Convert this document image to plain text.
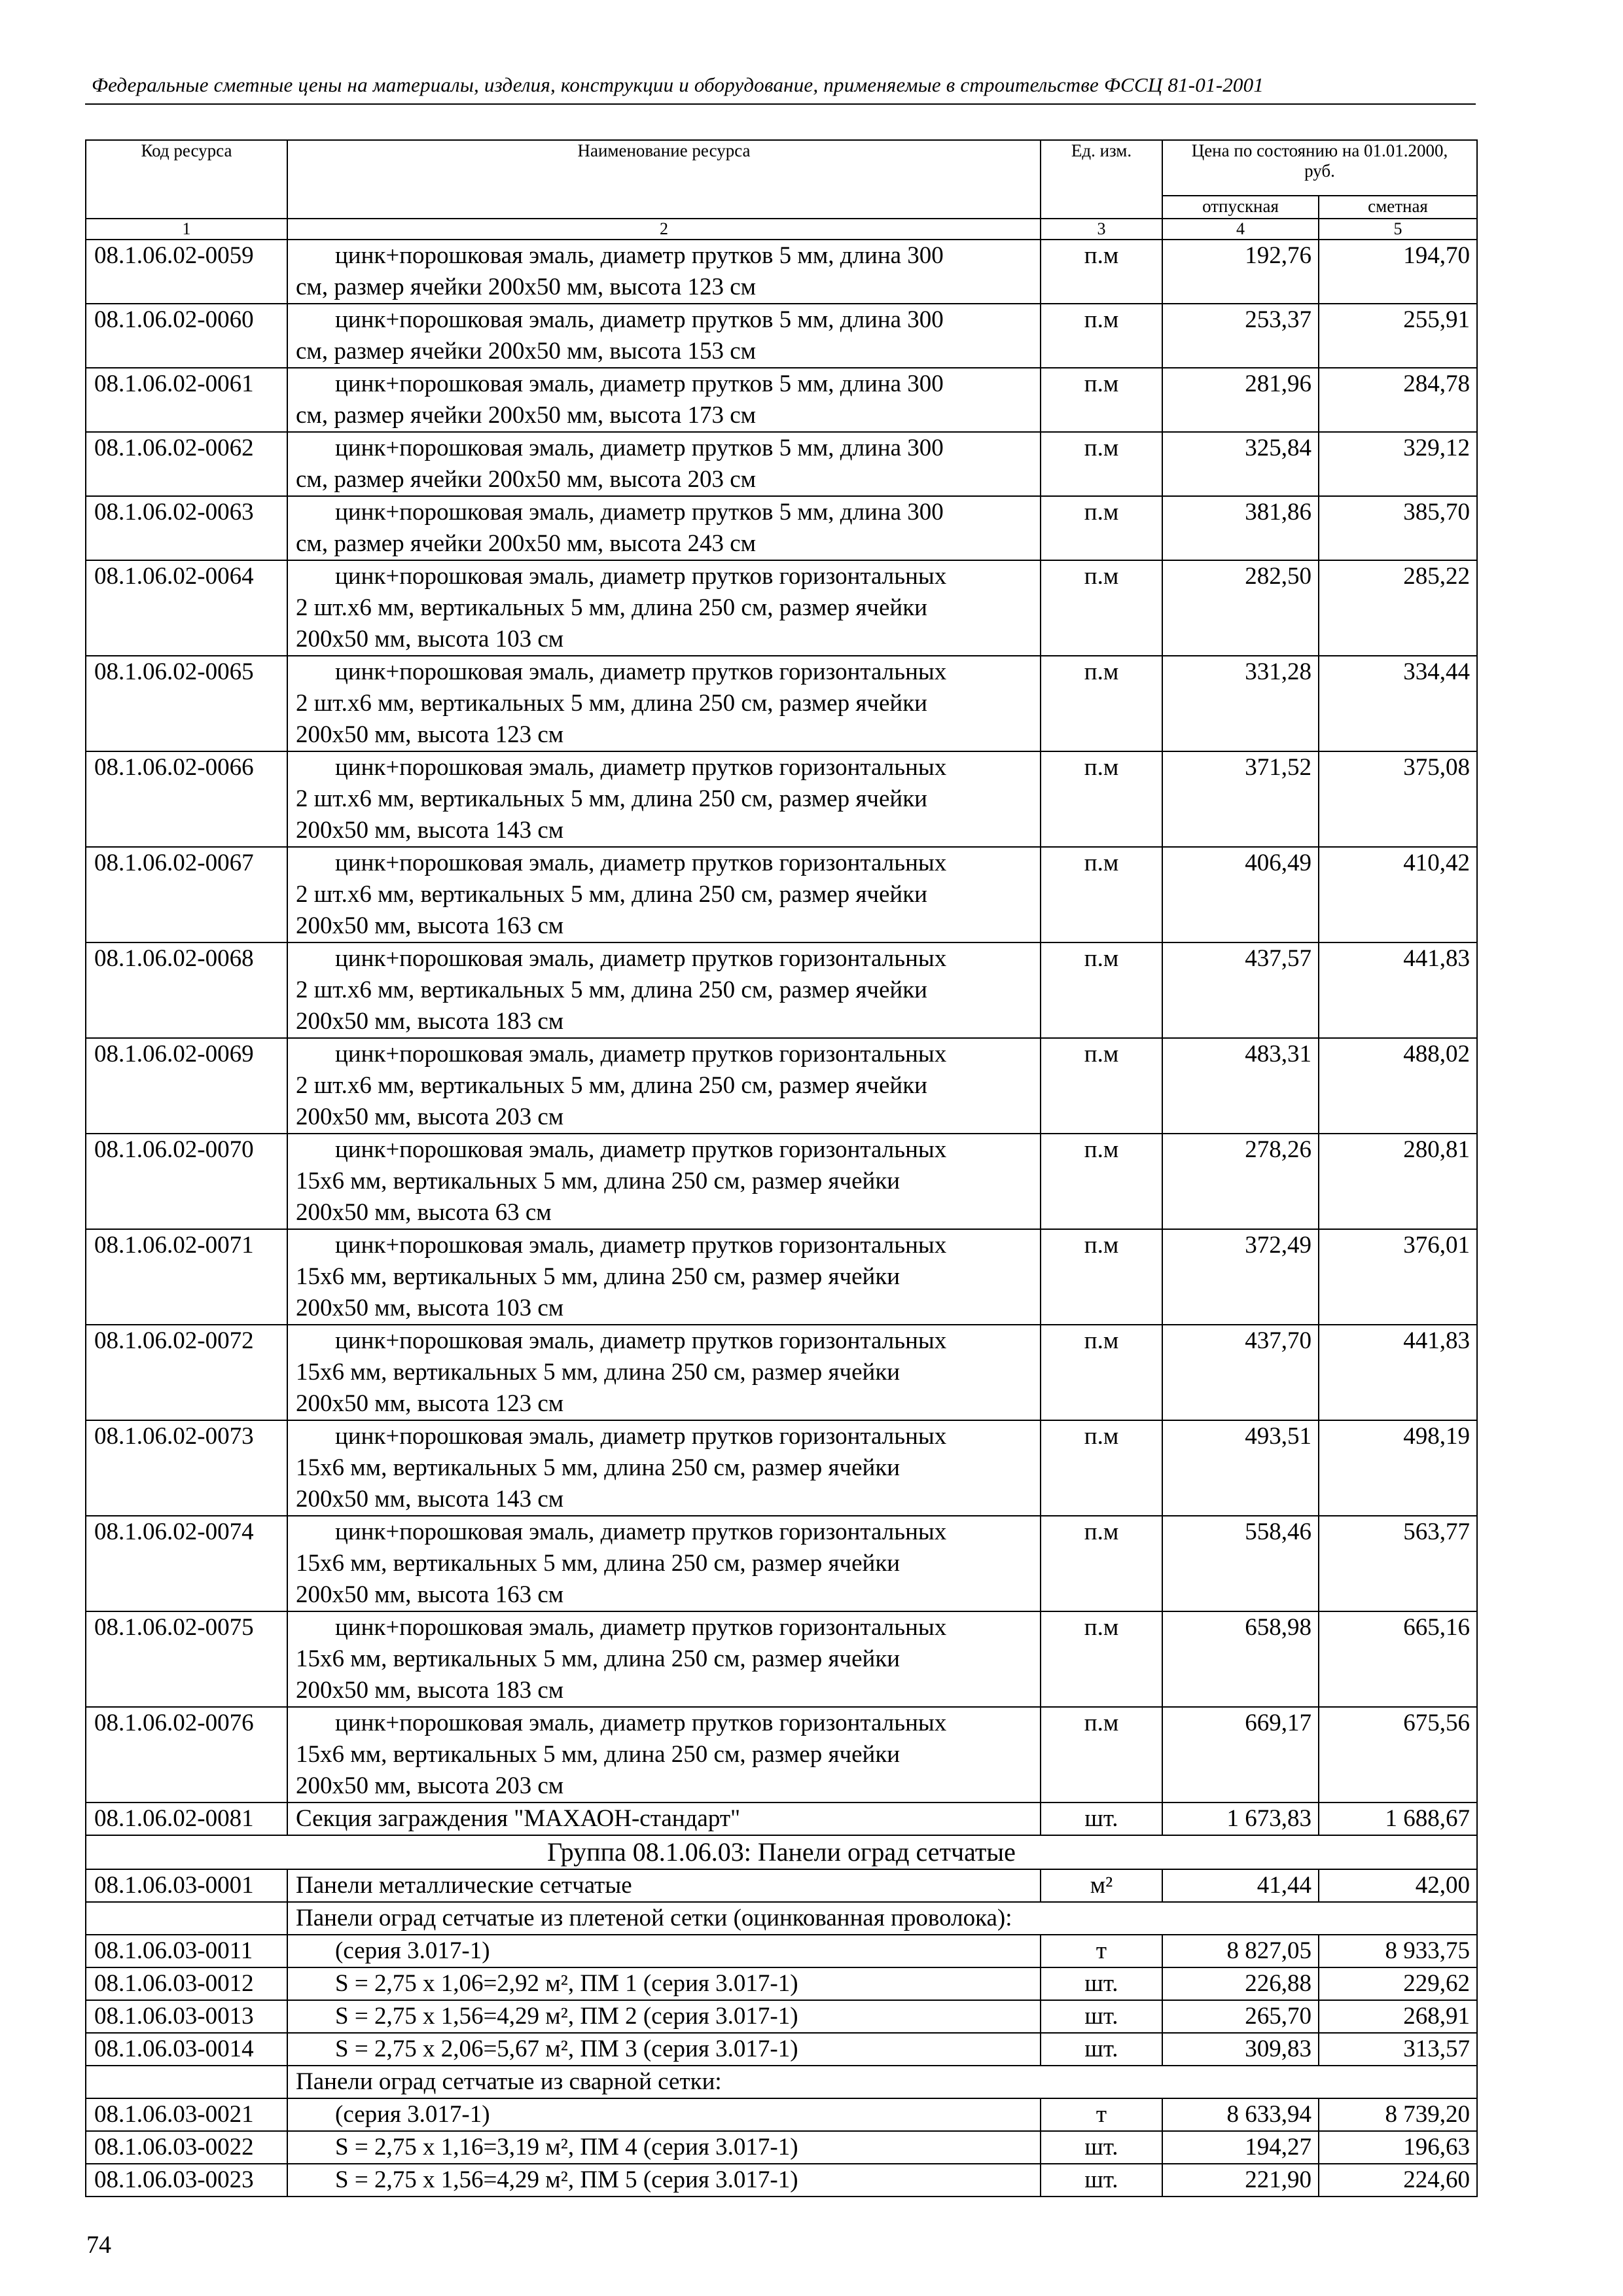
Федеральные сметные цены на материалы, изделия, конструкции и оборудование, применяемые в строительстве ФССЦ 81-01-2001
Код ресурса	Наименование ресурса	Ед. изм.	Цена по состоянию на 01.01.2000, руб.	
			отпускная	сметная
1	2	3	4	5
08.1.06.02-0059	цинк+порошковая эмаль, диаметр прутков 5 мм, длина 300
см, размер ячейки 200х50 мм, высота 123 см	п.м	192,76	194,70
08.1.06.02-0060	цинк+порошковая эмаль, диаметр прутков 5 мм, длина 300
см, размер ячейки 200х50 мм, высота 153 см	п.м	253,37	255,91
08.1.06.02-0061	цинк+порошковая эмаль, диаметр прутков 5 мм, длина 300
см, размер ячейки 200х50 мм, высота 173 см	п.м	281,96	284,78
08.1.06.02-0062	цинк+порошковая эмаль, диаметр прутков 5 мм, длина 300
см, размер ячейки 200х50 мм, высота 203 см	п.м	325,84	329,12
08.1.06.02-0063	цинк+порошковая эмаль, диаметр прутков 5 мм, длина 300
см, размер ячейки 200х50 мм, высота 243 см	п.м	381,86	385,70
08.1.06.02-0064	цинк+порошковая эмаль, диаметр прутков горизонтальных
2 шт.х6 мм, вертикальных 5 мм, длина 250 см, размер ячейки
200х50 мм, высота 103 см	п.м	282,50	285,22
08.1.06.02-0065	цинк+порошковая эмаль, диаметр прутков горизонтальных
2 шт.х6 мм, вертикальных 5 мм, длина 250 см, размер ячейки
200х50 мм, высота 123 см	п.м	331,28	334,44
08.1.06.02-0066	цинк+порошковая эмаль, диаметр прутков горизонтальных
2 шт.х6 мм, вертикальных 5 мм, длина 250 см, размер ячейки
200х50 мм, высота 143 см	п.м	371,52	375,08
08.1.06.02-0067	цинк+порошковая эмаль, диаметр прутков горизонтальных
2 шт.х6 мм, вертикальных 5 мм, длина 250 см, размер ячейки
200х50 мм, высота 163 см	п.м	406,49	410,42
08.1.06.02-0068	цинк+порошковая эмаль, диаметр прутков горизонтальных
2 шт.х6 мм, вертикальных 5 мм, длина 250 см, размер ячейки
200х50 мм, высота 183 см	п.м	437,57	441,83
08.1.06.02-0069	цинк+порошковая эмаль, диаметр прутков горизонтальных
2 шт.х6 мм, вертикальных 5 мм, длина 250 см, размер ячейки
200х50 мм, высота 203 см	п.м	483,31	488,02
08.1.06.02-0070	цинк+порошковая эмаль, диаметр прутков горизонтальных
15х6 мм, вертикальных 5 мм, длина 250 см, размер ячейки
200х50 мм, высота 63 см	п.м	278,26	280,81
08.1.06.02-0071	цинк+порошковая эмаль, диаметр прутков горизонтальных
15х6 мм, вертикальных 5 мм, длина 250 см, размер ячейки
200х50 мм, высота 103 см	п.м	372,49	376,01
08.1.06.02-0072	цинк+порошковая эмаль, диаметр прутков горизонтальных
15х6 мм, вертикальных 5 мм, длина 250 см, размер ячейки
200х50 мм, высота 123 см	п.м	437,70	441,83
08.1.06.02-0073	цинк+порошковая эмаль, диаметр прутков горизонтальных
15х6 мм, вертикальных 5 мм, длина 250 см, размер ячейки
200х50 мм, высота 143 см	п.м	493,51	498,19
08.1.06.02-0074	цинк+порошковая эмаль, диаметр прутков горизонтальных
15х6 мм, вертикальных 5 мм, длина 250 см, размер ячейки
200х50 мм, высота 163 см	п.м	558,46	563,77
08.1.06.02-0075	цинк+порошковая эмаль, диаметр прутков горизонтальных
15х6 мм, вертикальных 5 мм, длина 250 см, размер ячейки
200х50 мм, высота 183 см	п.м	658,98	665,16
08.1.06.02-0076	цинк+порошковая эмаль, диаметр прутков горизонтальных
15х6 мм, вертикальных 5 мм, длина 250 см, размер ячейки
200х50 мм, высота 203 см	п.м	669,17	675,56
08.1.06.02-0081	Секция заграждения "МАХАОН-стандарт"	шт.	1 673,83	1 688,67
Группа 08.1.06.03: Панели оград сетчатые				
08.1.06.03-0001	Панели металлические сетчатые	м²	41,44	42,00
	Панели оград сетчатые из плетеной сетки (оцинкованная проволока):			
08.1.06.03-0011	(серия 3.017-1)	т	8 827,05	8 933,75
08.1.06.03-0012	S = 2,75 х 1,06=2,92 м², ПМ 1 (серия 3.017-1)	шт.	226,88	229,62
08.1.06.03-0013	S = 2,75 х 1,56=4,29 м², ПМ 2 (серия 3.017-1)	шт.	265,70	268,91
08.1.06.03-0014	S = 2,75 х 2,06=5,67 м², ПМ 3 (серия 3.017-1)	шт.	309,83	313,57
	Панели оград сетчатые из сварной сетки:			
08.1.06.03-0021	(серия 3.017-1)	т	8 633,94	8 739,20
08.1.06.03-0022	S = 2,75 х 1,16=3,19 м², ПМ 4 (серия 3.017-1)	шт.	194,27	196,63
08.1.06.03-0023	S = 2,75 х 1,56=4,29 м², ПМ 5 (серия 3.017-1)	шт.	221,90	224,60
74
